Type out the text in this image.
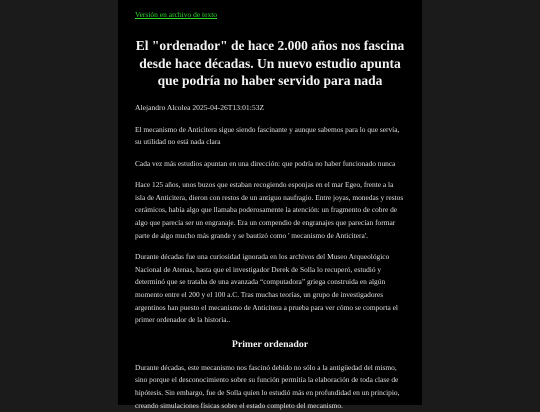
Versión en archivo de texto
El "ordenador" de hace 2.000 años nos fascina desde hace décadas. Un nuevo estudio apunta que podría no haber servido para nada
Alejandro Alcolea 2025-04-26T13:01:53Z

El mecanismo de Anticitera sigue siendo fascinante y aunque sabemos para lo que servía, su utilidad no está nada clara

Cada vez más estudios apuntan en una dirección: que podría no haber funcionado nunca

Hace 125 años, unos buzos que estaban recogiendo esponjas en el mar Egeo, frente a la isla de Anticitera, dieron con restos de un antiguo naufragio. Entre joyas, monedas y restos cerámicos, había algo que llamaba poderosamente la atención: un fragmento de cobre de algo que parecía ser un engranaje. Era un compendio de engranajes que parecían formar parte de algo mucho más grande y se bautizó como ' mecanismo de Anticitera'.

Durante décadas fue una curiosidad ignorada en los archivos del Museo Arqueológico Nacional de Atenas, hasta que el investigador Derek de Solla lo recuperó, estudió y determinó que se trataba de una avanzada “computadora” griega construida en algún momento entre el 200 y el 100 a.C. Tras muchas teorías, un grupo de investigadores argentinos han puesto el mecanismo de Anticitera a prueba para ver cómo se comporta el primer ordenador de la historia..

Primer ordenador

Durante décadas, este mecanismo nos fascinó debido no sólo a la antigüedad del mismo, sino porque el desconocimiento sobre su función permitía la elaboración de toda clase de hipótesis. Sin embargo, fue de Solla quien lo estudió más en profundidad en un principio, creando simulaciones físicas sobre el estado completo del mecanismo.
